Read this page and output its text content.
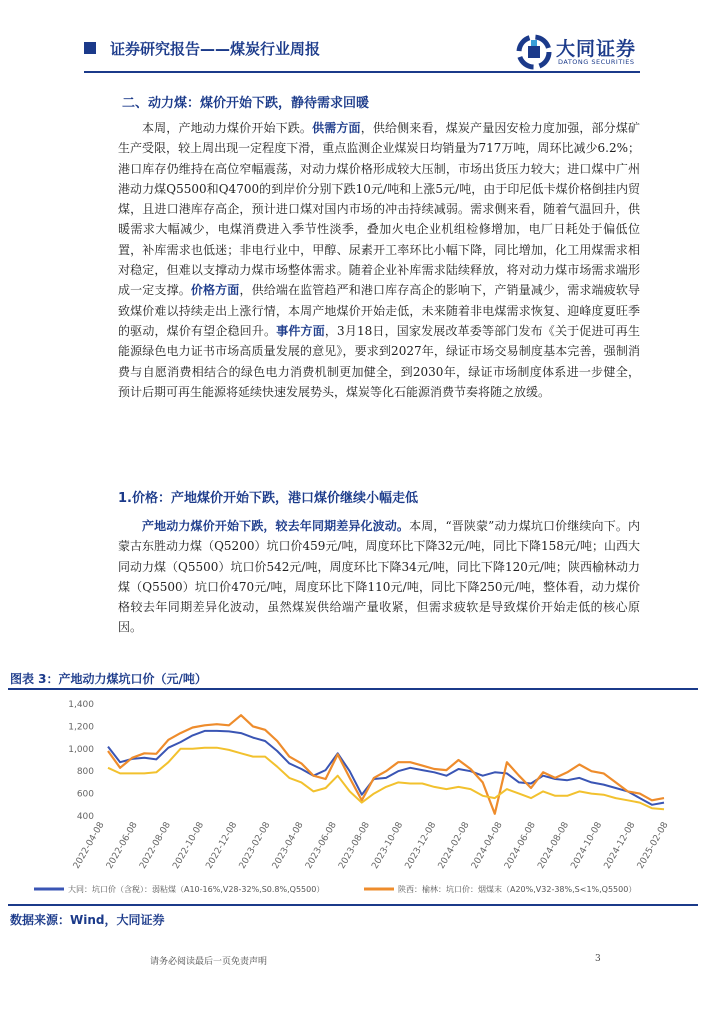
证券研究报告——煤炭行业周报	大同证券
DATONG SECURITIES
二、动力煤：煤价开始下跌，静待需求回暖
本周，产地动力煤价开始下跌。供需方面，供给侧来看，煤炭产量因安检力度加强，部分煤矿生产受限，较上周出现一定程度下滑，重点监测企业煤炭日均销量为717万吨，周环比减少6.2%；港口库存仍维持在高位窄幅震荡，对动力煤价格形成较大压制，市场出货压力较大；进口煤中广州港动力煤Q5500和Q4700的到岸价分别下跌10元/吨和上涨5元/吨，由于印尼低卡煤价格倒挂内贸煤，且进口港库存高企，预计进口煤对国内市场的冲击持续减弱。需求侧来看，随着气温回升，供暖需求大幅减少，电煤消费进入季节性淡季，叠加火电企业机组检修增加，电厂日耗处于偏低位置，补库需求也低迷；非电行业中，甲醇、尿素开工率环比小幅下降，同比增加，化工用煤需求相对稳定，但难以支撑动力煤市场整体需求。随着企业补库需求陆续释放，将对动力煤市场需求端形成一定支撑。价格方面，供给端在监管趋严和港口库存高企的影响下，产销量减少，需求端疲软导致煤价难以持续走出上涨行情，本周产地煤价开始走低，未来随着非电煤需求恢复、迎峰度夏旺季的驱动，煤价有望企稳回升。事件方面，3月18日，国家发展改革委等部门发布《关于促进可再生能源绿色电力证书市场高质量发展的意见》，要求到2027年，绿证市场交易制度基本完善，强制消费与自愿消费相结合的绿色电力消费机制更加健全，到2030年，绿证市场制度体系进一步健全，预计后期可再生能源将延续快速发展势头，煤炭等化石能源消费节奏将随之放缓。
1.价格：产地煤价开始下跌，港口煤价继续小幅走低
产地动力煤价开始下跌，较去年同期差异化波动。本周，“晋陕蒙”动力煤坑口价继续向下。内蒙古东胜动力煤（Q5200）坑口价459元/吨，周度环比下降32元/吨，同比下降158元/吨；山西大同动力煤（Q5500）坑口价542元/吨，周度环比下降34元/吨，同比下降120元/吨；陕西榆林动力煤（Q5500）坑口价470元/吨，周度环比下降110元/吨，同比下降250元/吨，整体看，动力煤价格较去年同期差异化波动，虽然煤炭供给端产量收紧，但需求疲软是导致煤价开始走低的核心原因。
图表 3：产地动力煤坑口价（元/吨）
1,400
1,200
1,000
800
600
400
2022-04-08
2022-06-08
2022-08-08
2022-10-08
2022-12-08
2023-02-08
2023-04-08
2023-06-08
2023-08-08
2023-10-08
2023-12-08
2024-02-08
2024-04-08
2024-06-08
2024-08-08
2024-10-08
2024-12-08
2025-02-08
大同：坑口价（含税）：弱粘煤（A10-16%,V28-32%,S0.8%,Q5500）	陕西：榆林：坑口价：烟煤末（A20%,V32-38%,S<1%,Q5500）
数据来源：Wind，大同证券
请务必阅读最后一页免责声明	3
